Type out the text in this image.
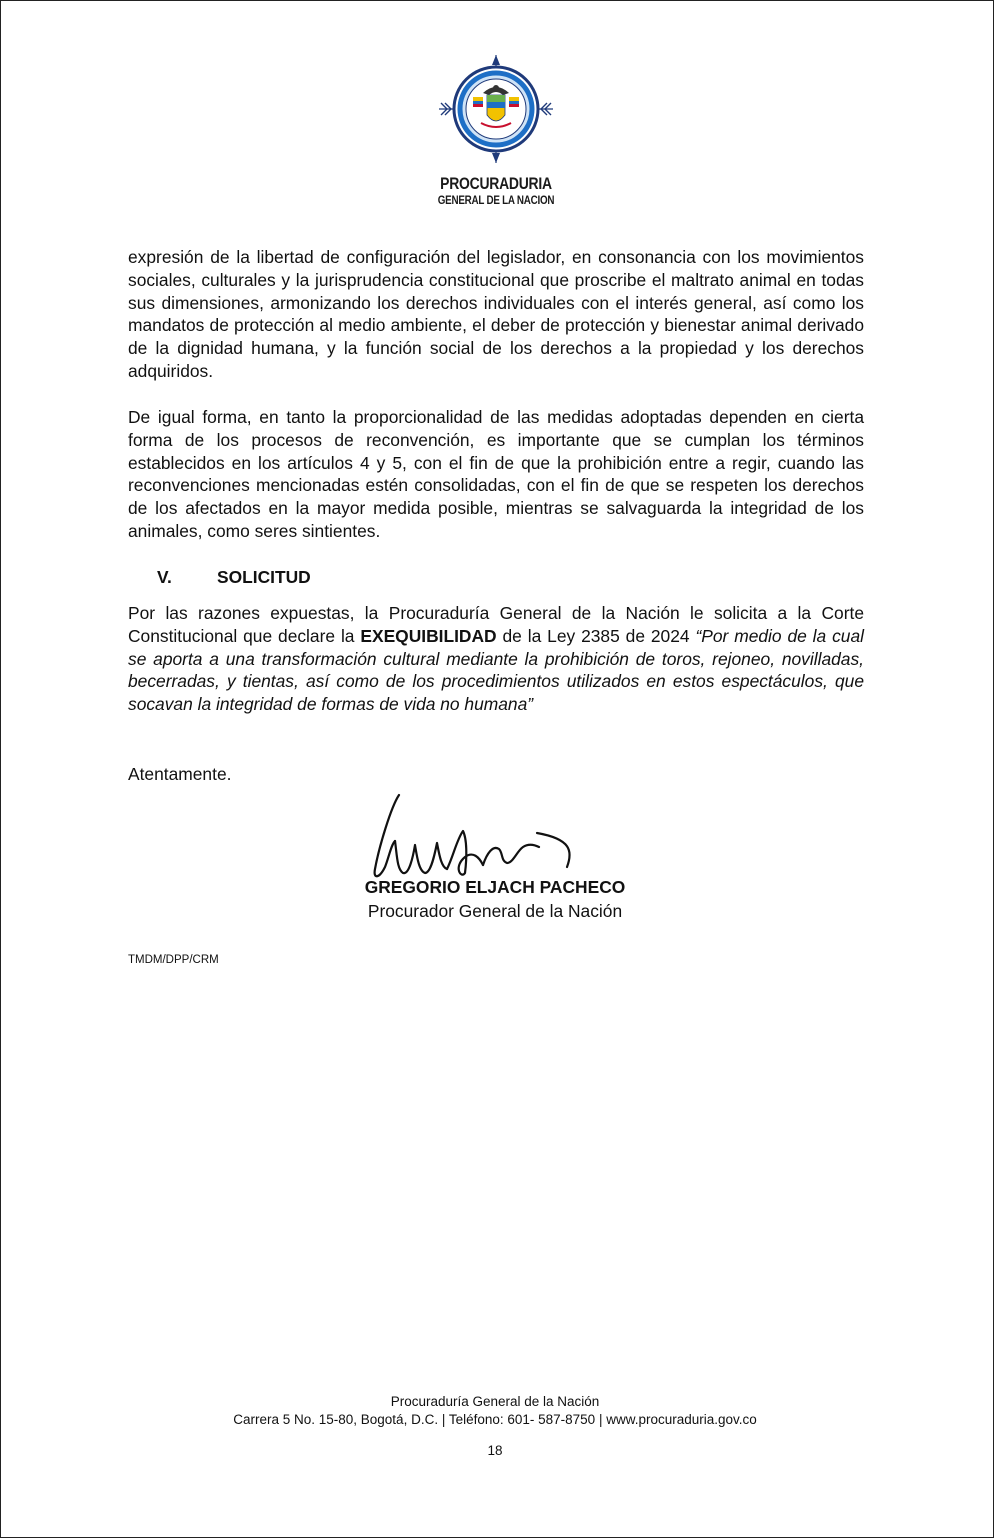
PROCURADURIA
GENERAL DE LA NACION

expresión de la libertad de configuración del legislador, en consonancia con los movimientos sociales, culturales y la jurisprudencia constitucional que proscribe el maltrato animal en todas sus dimensiones, armonizando los derechos individuales con el interés general, así como los mandatos de protección al medio ambiente, el deber de protección y bienestar animal derivado de la dignidad humana, y la función social de los derechos a la propiedad y los derechos adquiridos.

De igual forma, en tanto la proporcionalidad de las medidas adoptadas dependen en cierta forma de los procesos de reconvención, es importante que se cumplan los términos establecidos en los artículos 4 y 5, con el fin de que la prohibición entre a regir, cuando las reconvenciones mencionadas estén consolidadas, con el fin de que se respeten los derechos de los afectados en la mayor medida posible, mientras se salvaguarda la integridad de los animales, como seres sintientes.

V.	SOLICITUD

Por las razones expuestas, la Procuraduría General de la Nación le solicita a la Corte Constitucional que declare la EXEQUIBILIDAD de la Ley 2385 de 2024 “Por medio de la cual se aporta a una transformación cultural mediante la prohibición de toros, rejoneo, novilladas, becerradas, y tientas, así como de los procedimientos utilizados en estos espectáculos, que socavan la integridad de formas de vida no humana”

Atentamente.
GREGORIO ELJACH PACHECO
Procurador General de la Nación
TMDM/DPP/CRM
Procuraduría General de la Nación
Carrera 5 No. 15-80, Bogotá, D.C. | Teléfono: 601- 587-8750 | www.procuraduria.gov.co
18
